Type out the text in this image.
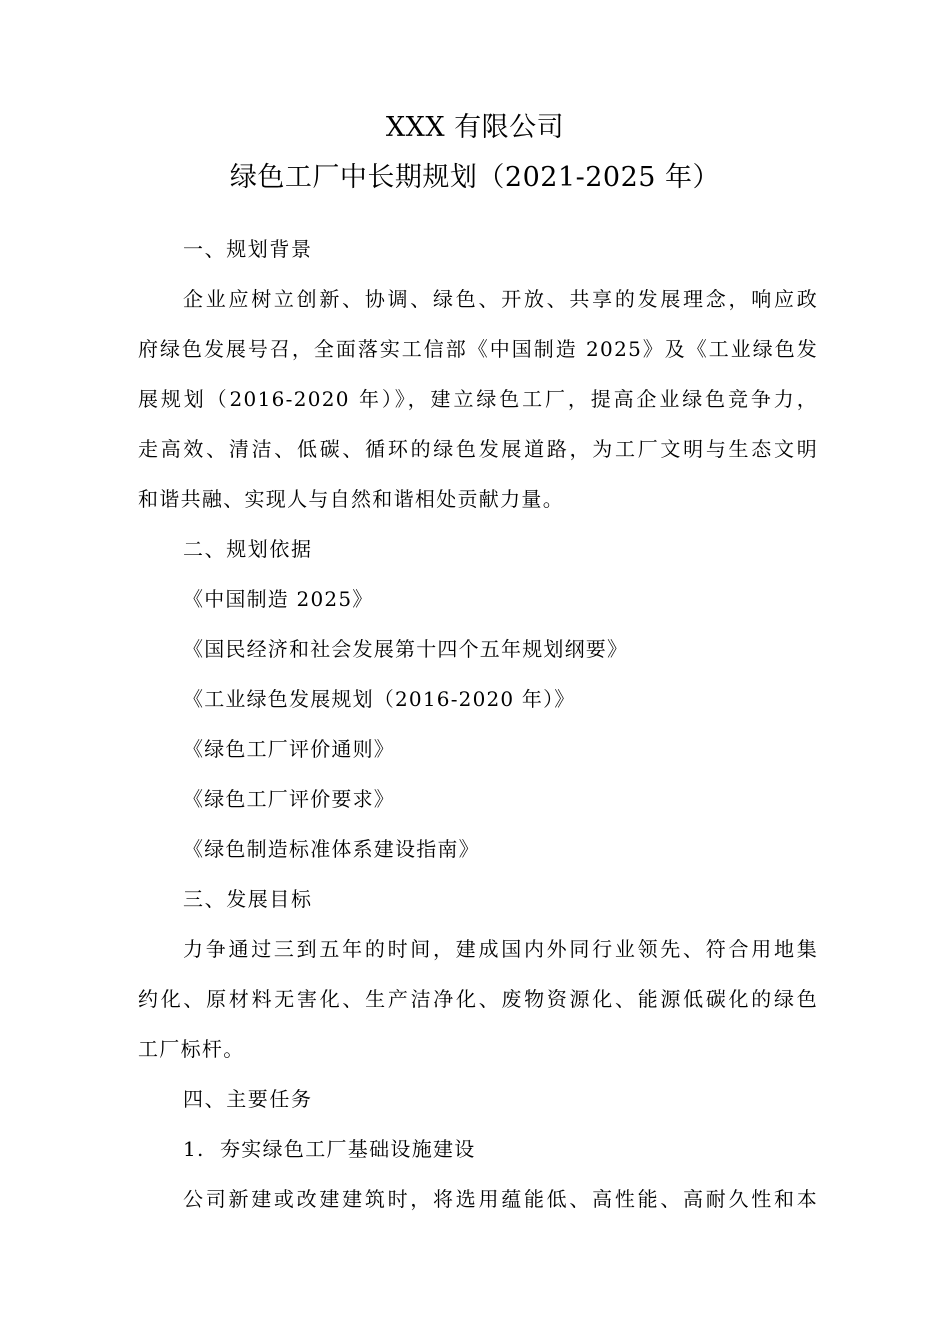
XXX 有限公司
绿色工厂中长期规划（2021-2025 年）
一、规划背景
企业应树立创新、协调、绿色、开放、共享的发展理念，响应政
府绿色发展号召，全面落实工信部《中国制造 2025》及《工业绿色发
展规划（2016-2020 年）》，建立绿色工厂，提高企业绿色竞争力，
走高效、清洁、低碳、循环的绿色发展道路，为工厂文明与生态文明
和谐共融、实现人与自然和谐相处贡献力量。
二、规划依据
《中国制造 2025》
《国民经济和社会发展第十四个五年规划纲要》
《工业绿色发展规划（2016-2020 年）》
《绿色工厂评价通则》
《绿色工厂评价要求》
《绿色制造标准体系建设指南》
三、发展目标
力争通过三到五年的时间，建成国内外同行业领先、符合用地集
约化、原材料无害化、生产洁净化、废物资源化、能源低碳化的绿色
工厂标杆。
四、主要任务
1.  夯实绿色工厂基础设施建设
公司新建或改建建筑时，将选用蕴能低、高性能、高耐久性和本
